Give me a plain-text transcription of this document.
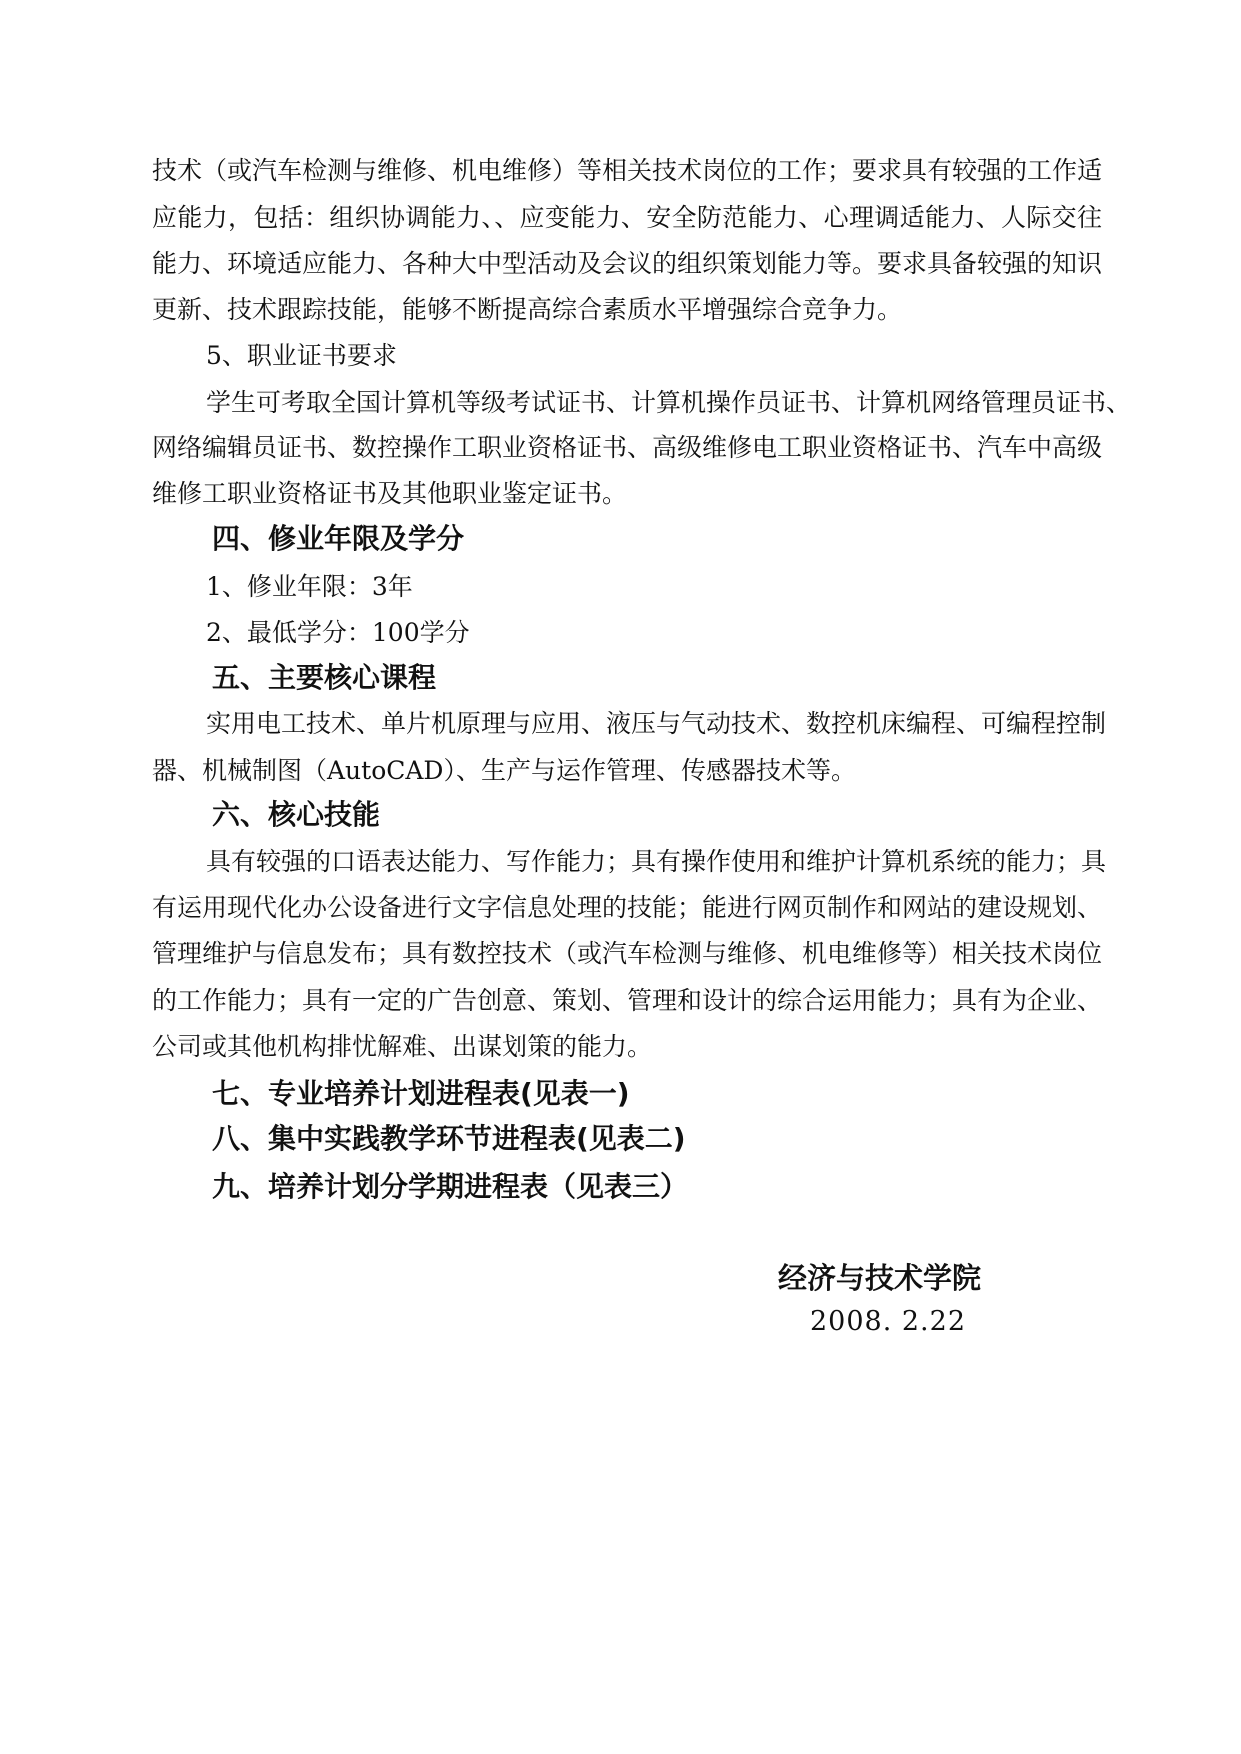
技术（或汽车检测与维修、机电维修）等相关技术岗位的工作；要求具有较强的工作适
应能力，包括：组织协调能力、、应变能力、安全防范能力、心理调适能力、人际交往
能力、环境适应能力、各种大中型活动及会议的组织策划能力等。要求具备较强的知识
更新、技术跟踪技能，能够不断提高综合素质水平增强综合竞争力。
5、职业证书要求
学生可考取全国计算机等级考试证书、计算机操作员证书、计算机网络管理员证书、
网络编辑员证书、数控操作工职业资格证书、高级维修电工职业资格证书、汽车中高级
维修工职业资格证书及其他职业鉴定证书。
四、修业年限及学分
1、修业年限：3年
2、最低学分：100学分
五、主要核心课程
实用电工技术、单片机原理与应用、液压与气动技术、数控机床编程、可编程控制
器、机械制图（AutoCAD）、生产与运作管理、传感器技术等。
六、核心技能
具有较强的口语表达能力、写作能力；具有操作使用和维护计算机系统的能力；具
有运用现代化办公设备进行文字信息处理的技能；能进行网页制作和网站的建设规划、
管理维护与信息发布；具有数控技术（或汽车检测与维修、机电维修等）相关技术岗位
的工作能力；具有一定的广告创意、策划、管理和设计的综合运用能力；具有为企业、
公司或其他机构排忧解难、出谋划策的能力。
七、专业培养计划进程表(见表一)
八、集中实践教学环节进程表(见表二)
九、培养计划分学期进程表（见表三）
经济与技术学院
2008. 2.22
